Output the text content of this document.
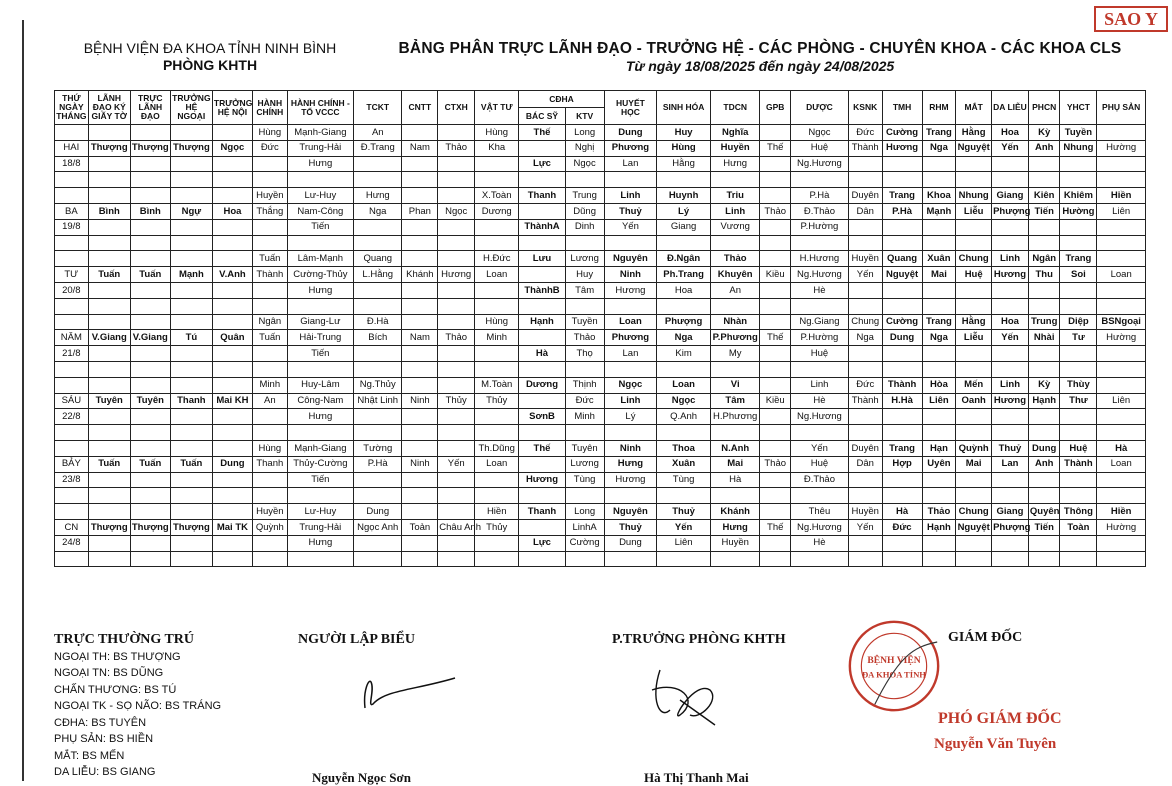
SAO Y
BỆNH VIỆN ĐA KHOA TỈNH NINH BÌNH
PHÒNG KHTH
BẢNG PHÂN TRỰC LÃNH ĐẠO - TRƯỞNG HỆ - CÁC PHÒNG - CHUYÊN KHOA - CÁC KHOA CLS
Từ ngày 18/08/2025 đến ngày 24/08/2025
THỨ NGÀY THÁNG	LÃNH ĐẠO KÝ GIẤY TỜ	TRỰC LÃNH ĐẠO	TRƯỞNG HỆ NGOẠI	TRƯỞNG HỆ NỘI	HÀNH CHÍNH	HÀNH CHÍNH - TỔ VCCC	TCKT	CNTT	CTXH	VẬT TƯ	CĐHA		HUYẾT HỌC	SINH HÓA	TDCN	GPB	DƯỢC	KSNK	TMH	RHM	MẮT	DA LIỄU	PHCN	YHCT	PHỤ SẢN
											BÁC SỸ	KTV													
					Hùng	Mạnh-Giang	An			Hùng	Thế	Long	Dung	Huy	Nghĩa		Ngọc	Đức	Cường	Trang	Hằng	Hoa	Kỳ	Tuyền	
HAI	Thượng	Thượng	Thượng	Ngọc	Đức	Trung-Hải	Đ.Trang	Nam	Thảo	Kha		Nghị	Phương	Hùng	Huyền	Thế	Huệ	Thành	Hương	Nga	Nguyệt	Yến	Anh	Nhung	Hường
18/8						Hưng					Lực	Ngọc	Lan	Hằng	Hưng		Ng.Hương								

					Huyền	Lư-Huy	Hưng			X.Toàn	Thanh	Trung	Linh	Huynh	Triu		P.Hà	Duyên	Trang	Khoa	Nhung	Giang	Kiên	Khiêm	Hiền
BA	Bình	Bình	Ngự	Hoa	Thắng	Nam-Công	Nga	Phan	Ngọc	Dương		Dũng	Thuỷ	Lý	Linh	Thảo	Đ.Thảo	Dân	P.Hà	Mạnh	Liễu	Phượng	Tiến	Hường	Liên
19/8						Tiến					ThànhA	Dinh	Yến	Giang	Vương		P.Hường								

					Tuấn	Lâm-Mạnh	Quang			H.Đức	Lưu	Lương	Nguyên	Đ.Ngân	Thảo		H.Hương	Huyền	Quang	Xuân	Chung	Linh	Ngân	Trang	
TƯ	Tuấn	Tuấn	Mạnh	V.Anh	Thành	Cường-Thủy	L.Hằng	Khánh	Hương	Loan		Huy	Ninh	Ph.Trang	Khuyên	Kiều	Ng.Hương	Yến	Nguyệt	Mai	Huệ	Hương	Thu	Soi	Loan
20/8						Hưng					ThànhB	Tâm	Hương	Hoa	An		Hè								

					Ngân	Giang-Lư	Đ.Hà			Hùng	Hạnh	Tuyền	Loan	Phượng	Nhàn		Ng.Giang	Chung	Cường	Trang	Hằng	Hoa	Trung	Diệp	BSNgoại
NĂM	V.Giang	V.Giang	Tú	Quân	Tuấn	Hải-Trung	Bích	Nam	Thảo	Minh		Thảo	Phương	Nga	P.Phương	Thế	P.Hường	Nga	Dung	Nga	Liễu	Yến	Nhài	Tư	Hường
21/8						Tiến					Hà	Thọ	Lan	Kim	My		Huệ								

					Minh	Huy-Lâm	Ng.Thủy			M.Toàn	Dương	Thịnh	Ngọc	Loan	Vi		Linh	Đức	Thành	Hòa	Mến	Linh	Kỳ	Thùy	
SÁU	Tuyên	Tuyên	Thanh	Mai KH	An	Công-Nam	Nhật Linh	Ninh	Thủy	Thủy		Đức	Linh	Ngọc	Tâm	Kiều	Hè	Thành	H.Hà	Liên	Oanh	Hương	Hạnh	Thư	Liên
22/8						Hưng					SơnB	Minh	Lý	Q.Anh	H.Phương		Ng.Hương								

					Hùng	Mạnh-Giang	Tường			Th.Dũng	Thế	Tuyên	Ninh	Thoa	N.Anh		Yến	Duyên	Trang	Hạn	Quỳnh	Thuỷ	Dung	Huệ	Hà
BẢY	Tuấn	Tuấn	Tuấn	Dung	Thanh	Thủy-Cường	P.Hà	Ninh	Yến	Loan		Lương	Hưng	Xuân	Mai	Thảo	Huệ	Dân	Hợp	Uyên	Mai	Lan	Anh	Thành	Loan
23/8						Tiến					Hương	Tùng	Hương	Tùng	Hà		Đ.Thảo								

					Huyền	Lư-Huy	Dung			Hiền	Thanh	Long	Nguyên	Thuỷ	Khánh		Thêu	Huyền	Hà	Thảo	Chung	Giang	Quyên	Thông	Hiền
CN	Thượng	Thượng	Thượng	Mai TK	Quỳnh	Trung-Hải	Ngọc Anh	Toản	Châu Anh	Thủy		LinhA	Thuỷ	Yến	Hưng	Thế	Ng.Hương	Yến	Đức	Hạnh	Nguyệt	Phượng	Tiến	Toàn	Hường
24/8						Hưng					Lực	Cường	Dung	Liên	Huyền		Hè								

TRỰC THƯỜNG TRÚ
NGOẠI TH: BS THƯỢNG
NGOẠI TN: BS DŨNG
CHẤN THƯƠNG: BS TÚ
NGOẠI TK - SỌ NÃO: BS TRÁNG
CĐHA: BS TUYÊN
PHỤ SẢN: BS HIỀN
MẮT: BS MẾN
DA LIỄU: BS GIANG
NGƯỜI LẬP BIỂU
Nguyễn Ngọc Sơn
P.TRƯỞNG PHÒNG KHTH
Hà Thị Thanh Mai
BỆNH VIỆN
ĐA KHOA TỈNH
GIÁM ĐỐC
PHÓ GIÁM ĐỐC
Nguyễn Văn Tuyên
